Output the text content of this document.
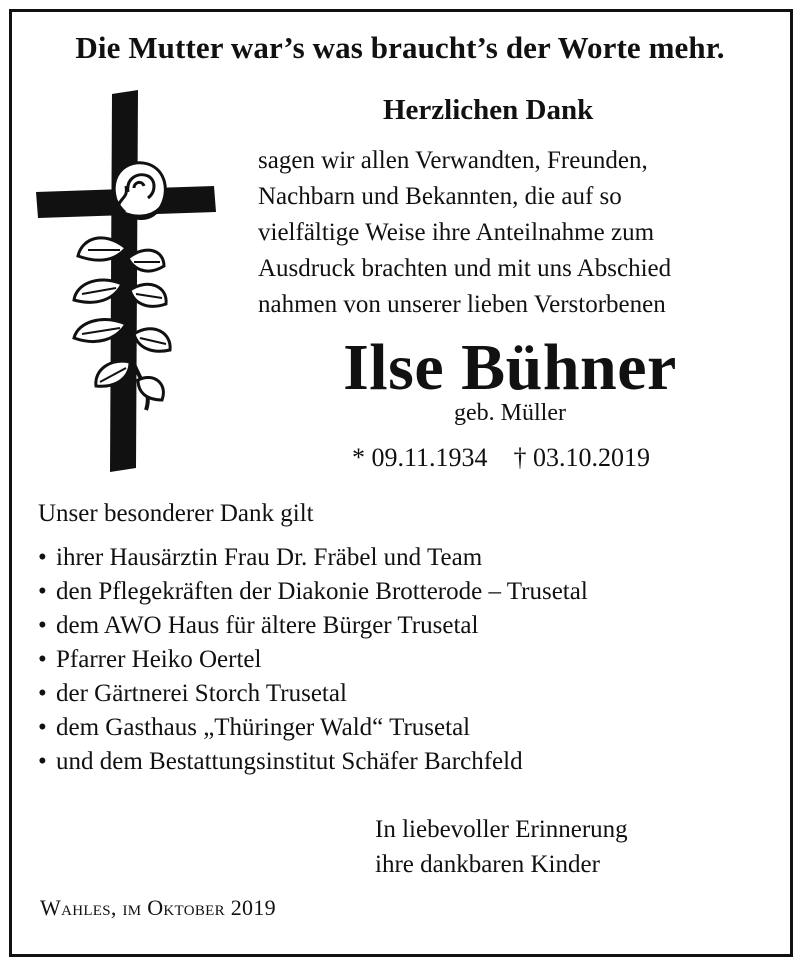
Die Mutter war’s was braucht’s der Worte mehr.
Herzlichen Dank
sagen wir allen Verwandten, Freunden,
Nachbarn und Bekannten, die auf so
vielfältige Weise ihre Anteilnahme zum
Ausdruck brachten und mit uns Abschied
nahmen von unserer lieben Verstorbenen
Ilse Bühner
geb. Müller
* 09.11.1934 † 03.10.2019
Unser besonderer Dank gilt
• ihrer Hausärztin Frau Dr. Fräbel und Team
• den Pflegekräften der Diakonie Brotterode – Trusetal
• dem AWO Haus für ältere Bürger Trusetal
• Pfarrer Heiko Oertel
• der Gärtnerei Storch Trusetal
• dem Gasthaus „Thüringer Wald“ Trusetal
• und dem Bestattungsinstitut Schäfer Barchfeld
In liebevoller Erinnerung
ihre dankbaren Kinder
Wahles, im Oktober 2019
